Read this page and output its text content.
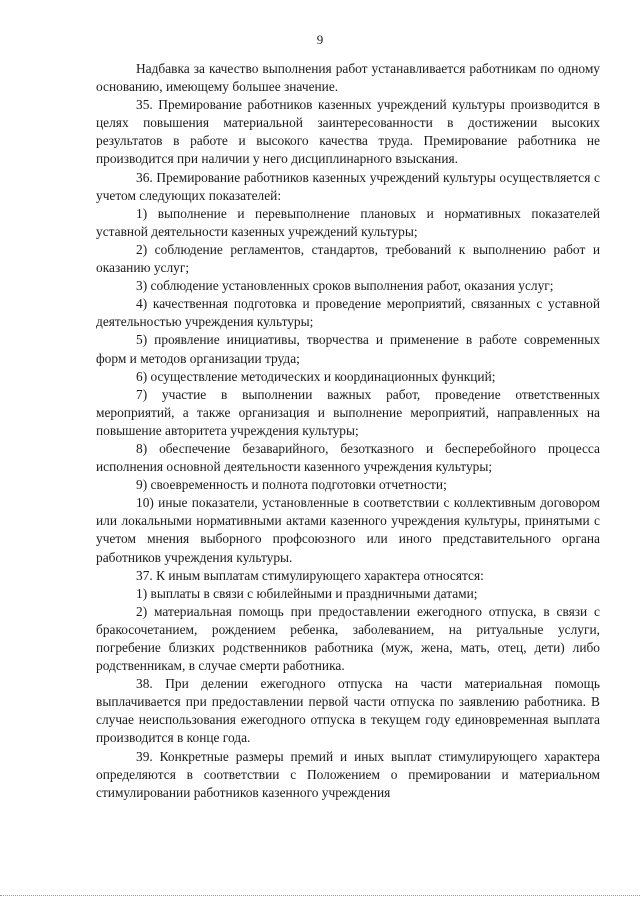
9

Надбавка за качество выполнения работ устанавливается работникам по одному основанию, имеющему большее значение.

35. Премирование работников казенных учреждений культуры производится в целях повышения материальной заинтересованности в достижении высоких результатов в работе и высокого качества труда. Премирование работника не производится при наличии у него дисциплинарного взыскания.

36. Премирование работников казенных учреждений культуры осуществляется с учетом следующих показателей:

1) выполнение и перевыполнение плановых и нормативных показателей уставной деятельности казенных учреждений культуры;

2) соблюдение регламентов, стандартов, требований к выполнению работ и оказанию услуг;

3) соблюдение установленных сроков выполнения работ, оказания услуг;

4) качественная подготовка и проведение мероприятий, связанных с уставной деятельностью учреждения культуры;

5) проявление инициативы, творчества и применение в работе современных форм и методов организации труда;

6) осуществление методических и координационных функций;

7) участие в выполнении важных работ, проведение ответственных мероприятий, а также организация и выполнение мероприятий, направленных на повышение авторитета учреждения культуры;

8) обеспечение безаварийного, безотказного и бесперебойного процесса исполнения основной деятельности казенного учреждения культуры;

9) своевременность и полнота подготовки отчетности;

10) иные показатели, установленные в соответствии с коллективным договором или локальными нормативными актами казенного учреждения культуры, принятыми с учетом мнения выборного профсоюзного или иного представительного органа работников учреждения культуры.

37. К иным выплатам стимулирующего характера относятся:

1) выплаты в связи с юбилейными и праздничными датами;

2) материальная помощь при предоставлении ежегодного отпуска, в связи с бракосочетанием, рождением ребенка, заболеванием, на ритуальные услуги, погребение близких родственников работника (муж, жена, мать, отец, дети) либо родственникам, в случае смерти работника.

38. При делении ежегодного отпуска на части материальная помощь выплачивается при предоставлении первой части отпуска по заявлению работника. В случае неиспользования ежегодного отпуска в текущем году единовременная выплата производится в конце года.

39. Конкретные размеры премий и иных выплат стимулирующего характера определяются в соответствии с Положением о премировании и материальном стимулировании работников казенного учреждения
